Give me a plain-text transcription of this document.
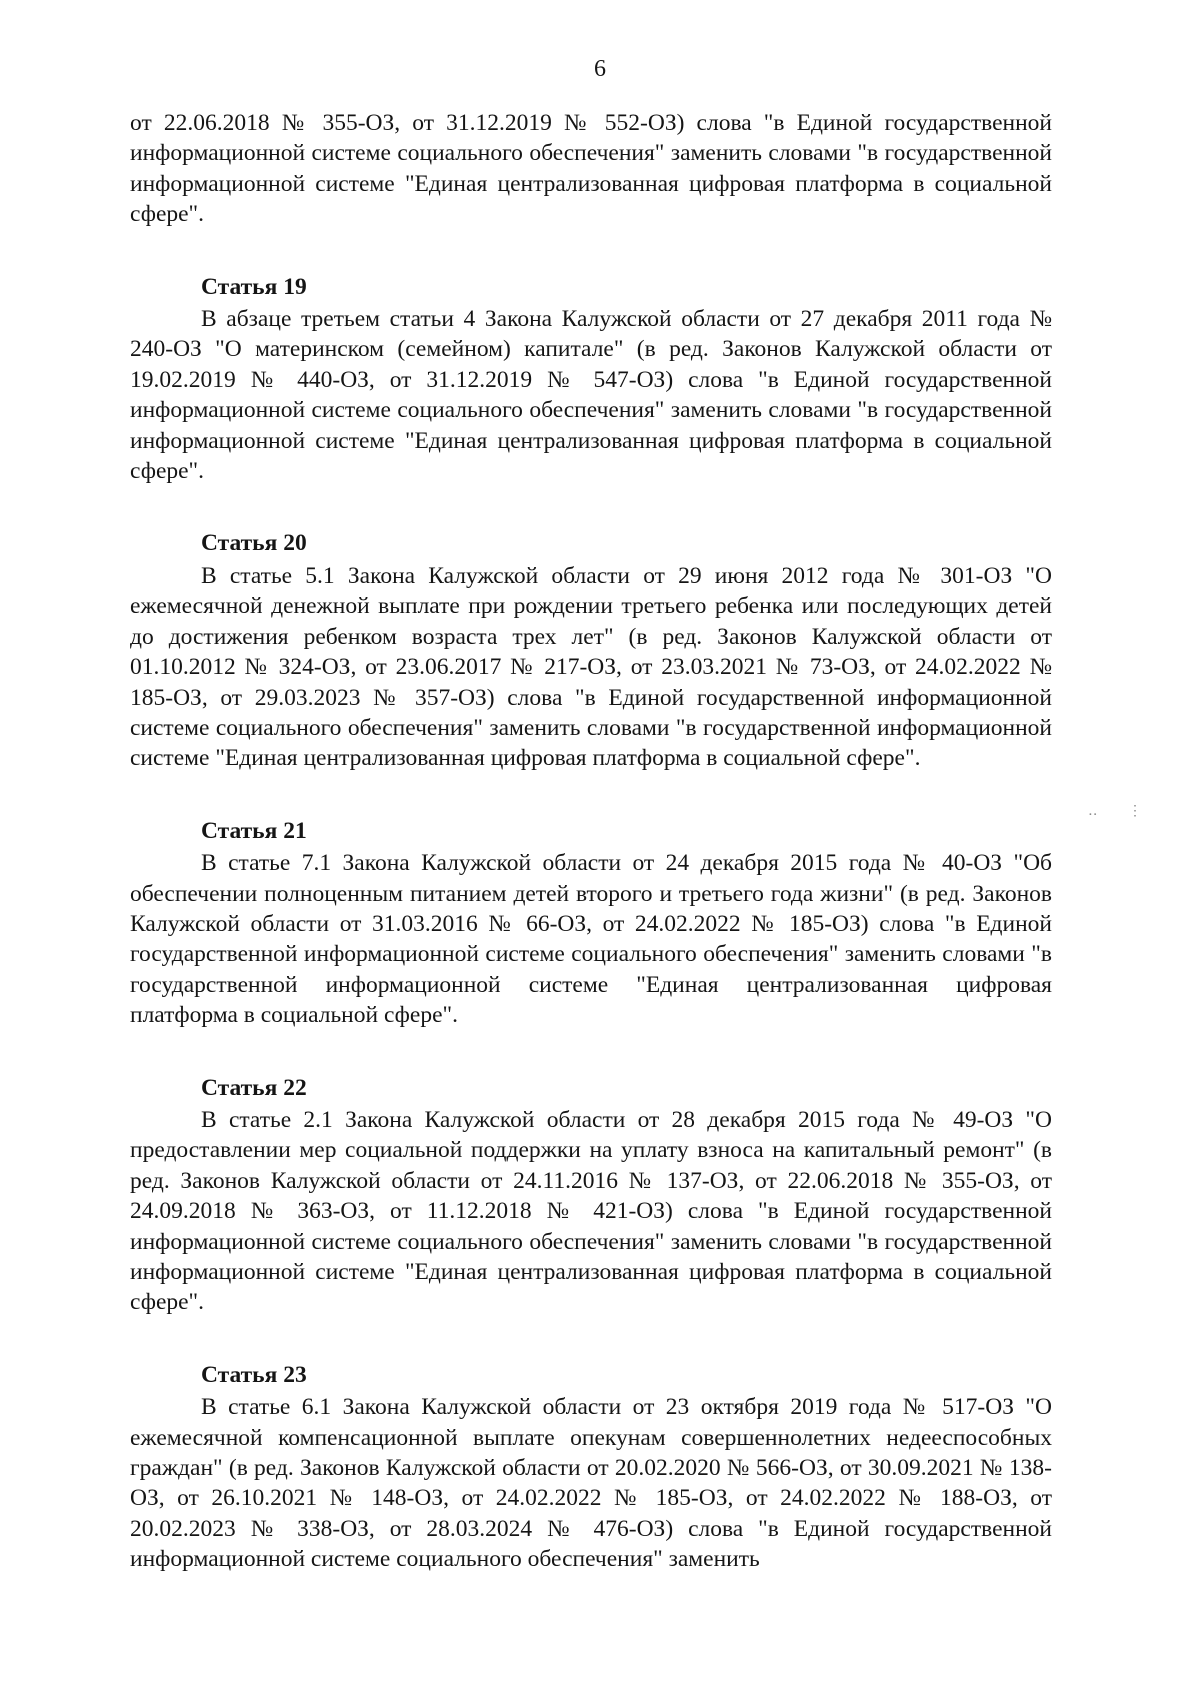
6

от 22.06.2018 № 355-ОЗ, от 31.12.2019 № 552-ОЗ) слова "в Единой государственной информационной системе социального обеспечения" заменить словами "в государственной информационной системе "Единая централизованная цифровая платформа в социальной сфере".

Статья 19

В абзаце третьем статьи 4 Закона Калужской области от 27 декабря 2011 года № 240-ОЗ "О материнском (семейном) капитале" (в ред. Законов Калужской области от 19.02.2019 № 440-ОЗ, от 31.12.2019 № 547-ОЗ) слова "в Единой государственной информационной системе социального обеспечения" заменить словами "в государственной информационной системе "Единая централизованная цифровая платформа в социальной сфере".

Статья 20

В статье 5.1 Закона Калужской области от 29 июня 2012 года № 301-ОЗ "О ежемесячной денежной выплате при рождении третьего ребенка или последующих детей до достижения ребенком возраста трех лет" (в ред. Законов Калужской области от 01.10.2012 № 324-ОЗ, от 23.06.2017 № 217-ОЗ, от 23.03.2021 № 73-ОЗ, от 24.02.2022 № 185-ОЗ, от 29.03.2023 № 357-ОЗ) слова "в Единой государственной информационной системе социального обеспечения" заменить словами "в государственной информационной системе "Единая централизованная цифровая платформа в социальной сфере".

Статья 21

В статье 7.1 Закона Калужской области от 24 декабря 2015 года № 40-ОЗ "Об обеспечении полноценным питанием детей второго и третьего года жизни" (в ред. Законов Калужской области от 31.03.2016 № 66-ОЗ, от 24.02.2022 № 185-ОЗ) слова "в Единой государственной информационной системе социального обеспечения" заменить словами "в государственной информационной системе "Единая централизованная цифровая платформа в социальной сфере".

Статья 22

В статье 2.1 Закона Калужской области от 28 декабря 2015 года № 49-ОЗ "О предоставлении мер социальной поддержки на уплату взноса на капитальный ремонт" (в ред. Законов Калужской области от 24.11.2016 № 137-ОЗ, от 22.06.2018 № 355-ОЗ, от 24.09.2018 № 363-ОЗ, от 11.12.2018 № 421-ОЗ) слова "в Единой государственной информационной системе социального обеспечения" заменить словами "в государственной информационной системе "Единая централизованная цифровая платформа в социальной сфере".

Статья 23

В статье 6.1 Закона Калужской области от 23 октября 2019 года № 517-ОЗ "О ежемесячной компенсационной выплате опекунам совершеннолетних недееспособных граждан" (в ред. Законов Калужской области от 20.02.2020 № 566-ОЗ, от 30.09.2021 № 138-ОЗ, от 26.10.2021 № 148-ОЗ, от 24.02.2022 № 185-ОЗ, от 24.02.2022 № 188-ОЗ, от 20.02.2023 № 338-ОЗ, от 28.03.2024 № 476-ОЗ) слова "в Единой государственной информационной системе социального обеспечения" заменить

⋅⋅ ⋮
